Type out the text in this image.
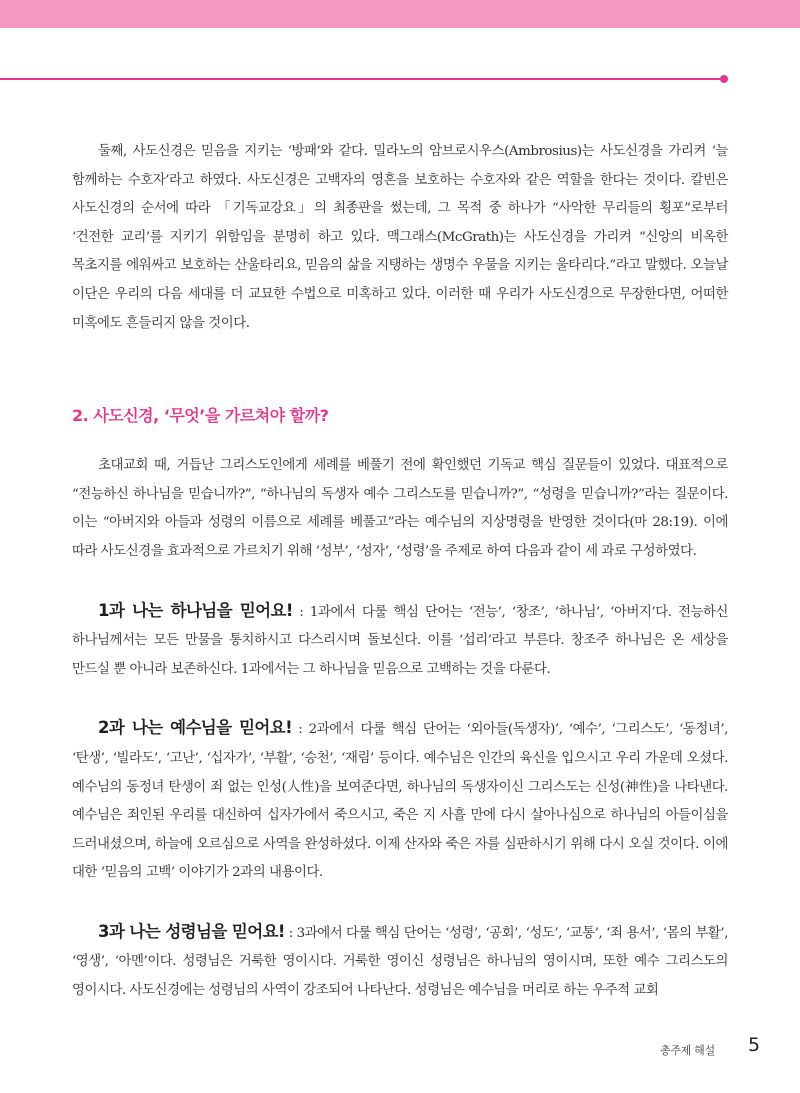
둘째, 사도신경은 믿음을 지키는 ‘방패’와 같다. 밀라노의 암브로시우스(Ambrosius)는 사도신경을 가리켜 ‘늘 함께하는 수호자’라고 하였다. 사도신경은 고백자의 영혼을 보호하는 수호자와 같은 역할을 한다는 것이다. 칼빈은 사도신경의 순서에 따라 「기독교강요」의 최종판을 썼는데, 그 목적 중 하나가 “사악한 무리들의 횡포”로부터 ‘건전한 교리’를 지키기 위함임을 분명히 하고 있다. 맥그래스(McGrath)는 사도신경을 가리켜 “신앙의 비옥한 목초지를 에워싸고 보호하는 산울타리요, 믿음의 삶을 지탱하는 생명수 우물을 지키는 울타리다.”라고 말했다. 오늘날 이단은 우리의 다음 세대를 더 교묘한 수법으로 미혹하고 있다. 이러한 때 우리가 사도신경으로 무장한다면, 어떠한 미혹에도 흔들리지 않을 것이다.

2. 사도신경, ‘무엇’을 가르쳐야 할까?

초대교회 때, 거듭난 그리스도인에게 세례를 베풀기 전에 확인했던 기독교 핵심 질문들이 있었다. 대표적으로 “전능하신 하나님을 믿습니까?”, “하나님의 독생자 예수 그리스도를 믿습니까?”, “성령을 믿습니까?”라는 질문이다. 이는 “아버지와 아들과 성령의 이름으로 세례를 베풀고”라는 예수님의 지상명령을 반영한 것이다(마 28:19). 이에 따라 사도신경을 효과적으로 가르치기 위해 ‘성부’, ‘성자’, ‘성령’을 주제로 하여 다음과 같이 세 과로 구성하였다.

1과 나는 하나님을 믿어요! : 1과에서 다룰 핵심 단어는 ‘전능’, ‘창조’, ‘하나님’, ‘아버지’다. 전능하신 하나님께서는 모든 만물을 통치하시고 다스리시며 돌보신다. 이를 ‘섭리’라고 부른다. 창조주 하나님은 온 세상을 만드실 뿐 아니라 보존하신다. 1과에서는 그 하나님을 믿음으로 고백하는 것을 다룬다.

2과 나는 예수님을 믿어요! : 2과에서 다룰 핵심 단어는 ‘외아들(독생자)’, ‘예수’, ‘그리스도’, ‘동정녀’, ‘탄생’, ‘빌라도’, ‘고난’, ‘십자가’, ‘부활’, ‘승천’, ‘재림’ 등이다. 예수님은 인간의 육신을 입으시고 우리 가운데 오셨다. 예수님의 동정녀 탄생이 죄 없는 인성(人性)을 보여준다면, 하나님의 독생자이신 그리스도는 신성(神性)을 나타낸다. 예수님은 죄인된 우리를 대신하여 십자가에서 죽으시고, 죽은 지 사흘 만에 다시 살아나심으로 하나님의 아들이심을 드러내셨으며, 하늘에 오르심으로 사역을 완성하셨다. 이제 산자와 죽은 자를 심판하시기 위해 다시 오실 것이다. 이에 대한 ‘믿음의 고백’ 이야기가 2과의 내용이다.

3과 나는 성령님을 믿어요! : 3과에서 다룰 핵심 단어는 ‘성령’, ‘공회’, ‘성도’, ‘교통’, ‘죄 용서’, ‘몸의 부활’, ‘영생’, ‘아멘’이다. 성령님은 거룩한 영이시다. 거룩한 영이신 성령님은 하나님의 영이시며, 또한 예수 그리스도의 영이시다. 사도신경에는 성령님의 사역이 강조되어 나타난다. 성령님은 예수님을 머리로 하는 우주적 교회

총주제 해설 5
